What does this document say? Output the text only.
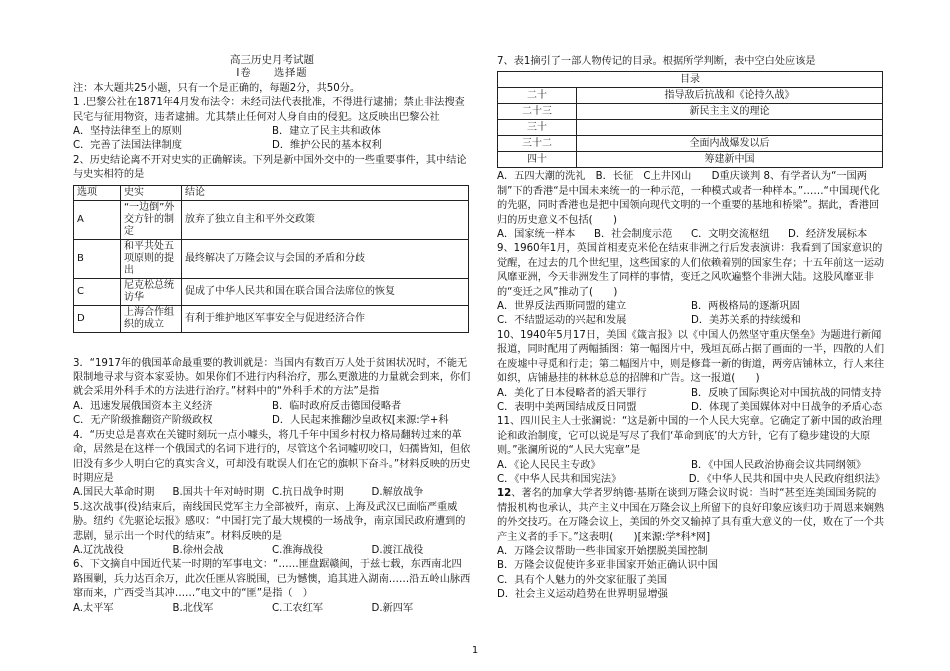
高三历史月考试题

Ⅰ卷　　选择题

注：本大题共25小题，只有一个是正确的，每题2分，共50分。

1 .巴黎公社在1871年4月发布法令：未经司法代表批准，不得进行逮捕；禁止非法搜查民宅与征用物资，违者逮捕。尤其禁止任何对人身自由的侵犯。这反映出巴黎公社

A．坚持法律至上的原则	B．建立了民主共和政体
C．完善了法国法律制度	D．维护公民的基本权利

2、历史结论离不开对史实的正确解读。下列是新中国外交中的一些重要事件，其中结论与史实相符的是

选项	史实	结论
A	“一边倒”外交方针的制定	放弃了独立自主和平外交政策
B	和平共处五项原则的提出	最终解决了万隆会议与会国的矛盾和分歧
C	尼克松总统访华	促成了中华人民共和国在联合国合法席位的恢复
D	上海合作组织的成立	有利于维护地区军事安全与促进经济合作

3．“1917年的俄国革命最重要的教训就是：当国内有数百万人处于贫困状况时，不能无限制地寻求与资本家妥协。如果你们不进行内科治疗，那么更激进的力量就会到来，你们就会采用外科手术的方法进行治疗。”材料中的“外科手术的方法”是指

A．迅速发展俄国资本主义经济	B．临时政府反击德国侵略者
C．无产阶级推翻资产阶级政权	D．人民起来推翻沙皇政权[来源:学+科

4．“历史总是喜欢在关键时刻玩一点小噱头，将几千年中国乡村权力格局翻转过来的革命，居然是在这样一个俄国式的名词下进行的，尽管这个名词嘘叨咬口，妇孺皆知，但依旧没有多少人明白它的真实含义，可却没有耽误人们在它的旗帜下奋斗。”材料反映的历史时期应是

A.国民大革命时期	B.国共十年对峙时期 C.抗日战争时期	D.解放战争

5.这次战事(役)结束后，南线国民党军主力全部被歼，南京、上海及武汉已面临严重威胁。纽约《先驱论坛报》感叹：“中国打完了最大规模的一场战争，南京国民政府遭到的悲剧，显示出一个时代的结束”。材料反映的是

A.辽沈战役	B.徐州会战	C.淮海战役	D.渡江战役

6、下文摘自中国近代某一时期的军事电文：“……匪盘踞赣闽，于兹七载，东西南北四路围剿，兵力达百余万，此次任匪从容脱围，已为憾懊，追其进入湖南……沿五岭山脉西窜而来，广西受当其冲……”电文中的“匪”是指（　）

A.太平军	B.北伐军	C.工农红军	D.新四军

7、表1摘引了一部人物传记的目录。根据所学判断，表中空白处应该是

目录	
二十	指导敌后抗战和《论持久战》
二十三	新民主主义的理论
三十	
三十二	全面内战爆发以后
四十	筹建新中国

A．五四大潮的洗礼　B．长征　C上井冈山　　D重庆谈判 8、有学者认为“一国两制”下的香港“是中国未来统一的一种示范，一种模式或者一种样本。”……“中国现代化的先驱，同时香港也是把中国领向现代文明的一个重要的基地和桥梁”。据此，香港回归的历史意义不包括(　　)

A．国家统一样本	B．社会制度示范	C．文明交流枢纽	D．经济发展标本

9、1960年1月，英国首相麦克米伦在结束非洲之行后发表演讲：我看到了国家意识的觉醒，在过去的几个世纪里，这些国家的人们依赖着别的国家生存；十五年前这一运动风靡亚洲，今天非洲发生了同样的事情，变迁之风吹遍整个非洲大陆。这股风靡亚非的“变迁之风”推动了(　　)

A．世界反法西斯同盟的建立	B．两极格局的逐渐巩固
C．不结盟运动的兴起和发展	D．美苏关系的持续缓和

10、1940年5月17日，美国《箴言报》以《中国人仍然坚守重庆堡垒》为题进行新闻报道，同时配用了两幅插图：第一幅图片中，残垣瓦砾占据了画面的一半，四散的人们在废墟中寻觅和行走；第二幅图片中，则是修葺一新的街道，两旁店铺林立，行人来往如织，店铺悬挂的林林总总的招牌和广告。这一报道(　　)

A．美化了日本侵略者的滔天罪行	B．反映了国际舆论对中国抗战的同情支持
C．表明中美两国结成反日同盟	D．体现了美国媒体对中日战争的矛盾心态

11、四川民主人士张澜说：“这是新中国的一个人民大宪章。它确定了新中国的政治理论和政治制度，它可以说是写尽了我们‘革命到底’的大方针，它有了稳步建设的大原则。”张澜所说的“人民大宪章”是

A．《论人民民主专政》	B．《中国人民政治协商会议共同纲领》
C．《中华人民共和国宪法》	D．《中华人民共和国中央人民政府组织法》

12、著名的加拿大学者罗纳德·基斯在谈到万隆会议时说：当时“甚至连美国国务院的情报机构也承认，共产主义中国在万隆会议上所留下的良好印象应该归功于周恩来娴熟的外交技巧。在万隆会议上，美国的外交又输掉了具有重大意义的一仗，败在了一个共产主义者的手下。”这表明(　　)[来源:学*科*网]

A．万隆会议帮助一些非国家开始摆脱美国控制

B．万隆会议促使许多亚非国家开始正确认识中国

C．具有个人魅力的外交家征服了美国

D．社会主义运动趋势在世界明显增强

1
